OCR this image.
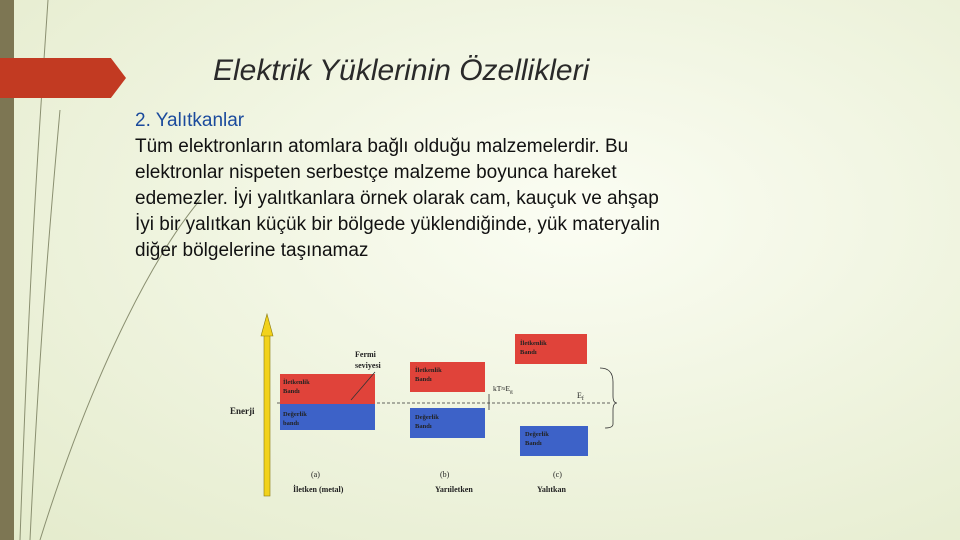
Elektrik Yüklerinin Özellikleri
2. Yalıtkanlar
Tüm elektronların atomlara bağlı olduğu malzemelerdir. Bu
elektronlar nispeten serbestçe malzeme boyunca hareket
edemezler. İyi yalıtkanlara örnek olarak cam, kauçuk ve ahşap
İyi bir yalıtkan küçük bir bölgede yüklendiğinde, yük materyalin
diğer bölgelerine taşınamaz
Enerji
İletkenlik
Bandı
Değerlik
bandı
Fermi
seviyesi
İletkenlik
Bandı
Değerlik
Bandı
$kT\approx E_g$
İletkenlik
Bandı
Değerlik
Bandı
$E_f$
(a)	(b)	(c)
İletken (metal)	Yarıiletken	Yalıtkan
